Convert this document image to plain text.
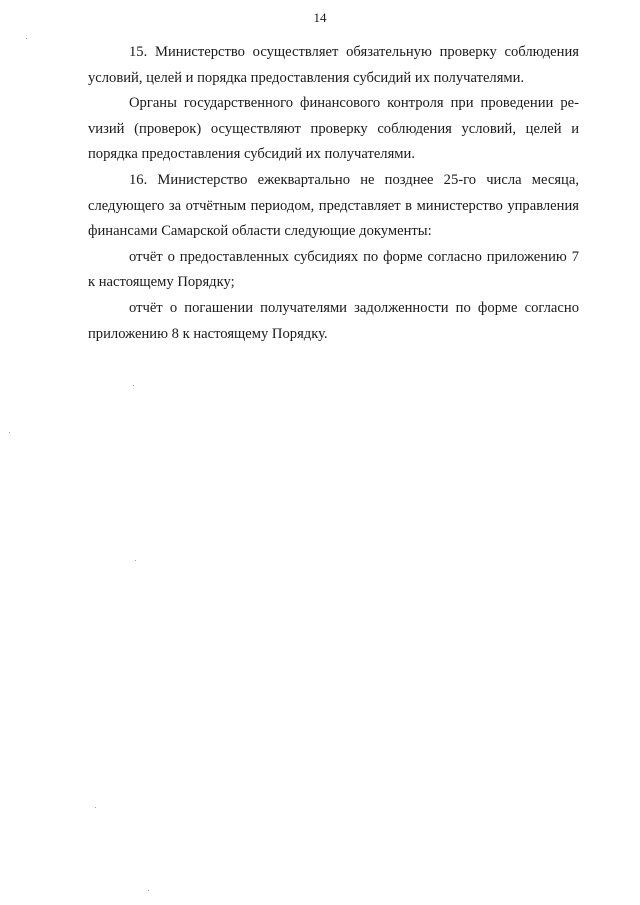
14

15. Министерство осуществляет обязательную проверку соблюдения условий, целей и порядка предоставления субсидий их получателями.

Органы государственного финансового контроля при проведении реvизий (проверок) осуществляют проверку соблюдения условий, целей и порядка предоставления субсидий их получателями.

16. Министерство ежеквартально не позднее 25-го числа месяца, следующего за отчётным периодом, представляет в министерство управления финансами Самарской области следующие документы:

отчёт о предоставленных субсидиях по форме согласно приложению 7 к настоящему Порядку;

отчёт о погашении получателями задолженности по форме согласно приложению 8 к настоящему Порядку.
